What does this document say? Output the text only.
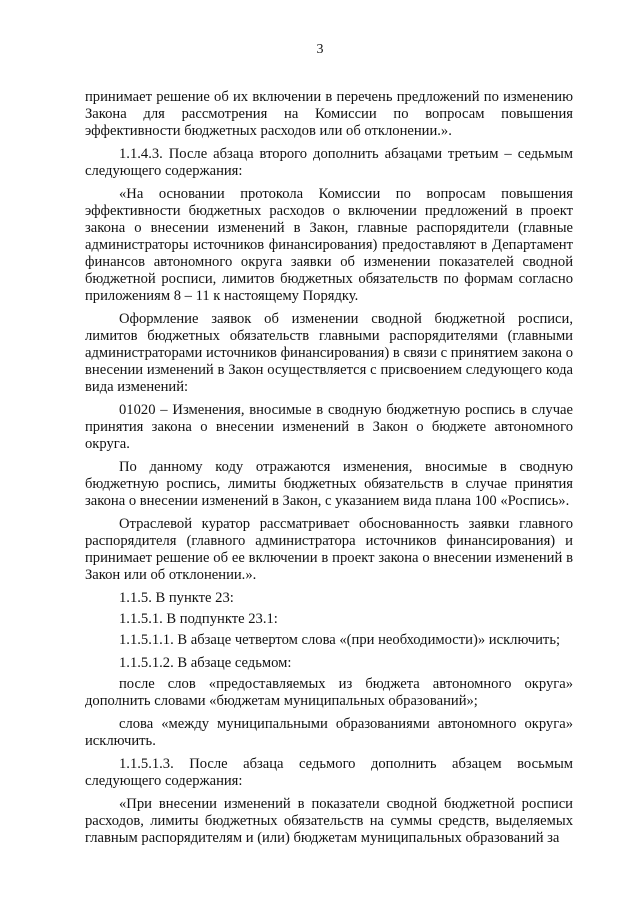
3

принимает решение об их включении в перечень предложений по изменению Закона для рассмотрения на Комиссии по вопросам повышения эффективности бюджетных расходов или об отклонении.».

1.1.4.3. После абзаца второго дополнить абзацами третьим – седьмым следующего содержания:

«На основании протокола Комиссии по вопросам повышения эффективности бюджетных расходов о включении предложений в проект закона о внесении изменений в Закон, главные распорядители (главные администраторы источников финансирования) предоставляют в Департамент финансов автономного округа заявки об изменении показателей сводной бюджетной росписи, лимитов бюджетных обязательств по формам согласно приложениям 8 – 11 к настоящему Порядку.

Оформление заявок об изменении сводной бюджетной росписи, лимитов бюджетных обязательств главными распорядителями (главными администраторами источников финансирования) в связи с принятием закона о внесении изменений в Закон осуществляется с присвоением следующего кода вида изменений:

01020 – Изменения, вносимые в сводную бюджетную роспись в случае принятия закона о внесении изменений в Закон о бюджете автономного округа.

По данному коду отражаются изменения, вносимые в сводную бюджетную роспись, лимиты бюджетных обязательств в случае принятия закона о внесении изменений в Закон, с указанием вида плана 100 «Роспись».

Отраслевой куратор рассматривает обоснованность заявки главного распорядителя (главного администратора источников финансирования) и принимает решение об ее включении в проект закона о внесении изменений в Закон или об отклонении.».

1.1.5. В пункте 23:

1.1.5.1. В подпункте 23.1:

1.1.5.1.1. В абзаце четвертом слова «(при необходимости)» исключить;

1.1.5.1.2. В абзаце седьмом:

после слов «предоставляемых из бюджета автономного округа» дополнить словами «бюджетам муниципальных образований»;

слова «между муниципальными образованиями автономного округа» исключить.

1.1.5.1.3. После абзаца седьмого дополнить абзацем восьмым следующего содержания:

«При внесении изменений в показатели сводной бюджетной росписи расходов, лимиты бюджетных обязательств на суммы средств, выделяемых главным распорядителям и (или) бюджетам муниципальных образований за
